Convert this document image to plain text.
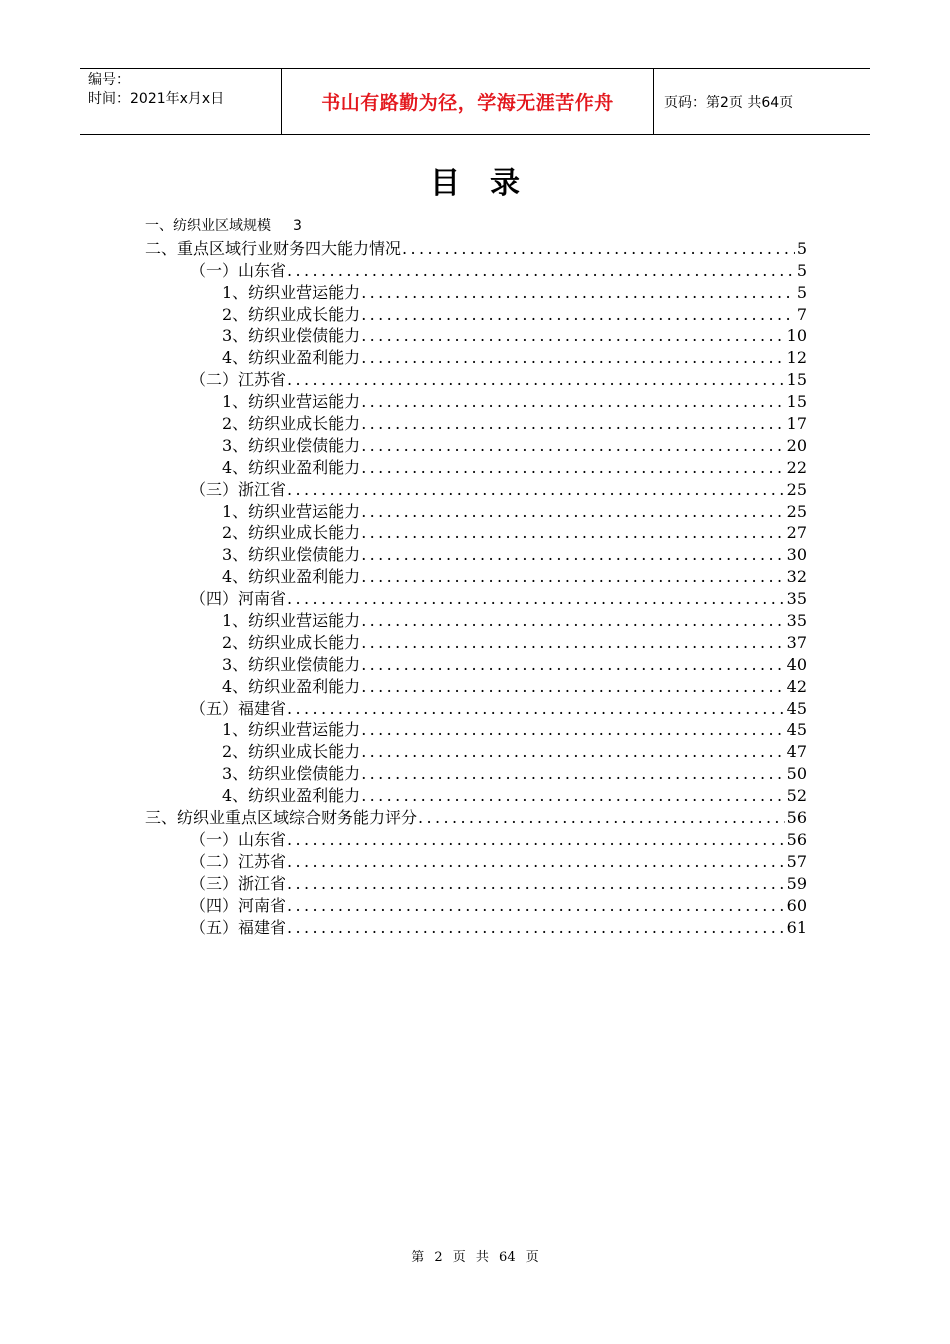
编号：
时间：2021年x月x日	书山有路勤为径，学海无涯苦作舟	页码：第2页 共64页
目录
一、纺织业区域规模	3
二、重点区域行业财务四大能力情况 .....	5
（一）山东省 .....	5
1、纺织业营运能力 .....	5
2、纺织业成长能力 .....	7
3、纺织业偿债能力 .....	10
4、纺织业盈利能力 .....	12
（二）江苏省 .....	15
1、纺织业营运能力 .....	15
2、纺织业成长能力 .....	17
3、纺织业偿债能力 .....	20
4、纺织业盈利能力 .....	22
（三）浙江省 .....	25
1、纺织业营运能力 .....	25
2、纺织业成长能力 .....	27
3、纺织业偿债能力 .....	30
4、纺织业盈利能力 .....	32
（四）河南省 .....	35
1、纺织业营运能力 .....	35
2、纺织业成长能力 .....	37
3、纺织业偿债能力 .....	40
4、纺织业盈利能力 .....	42
（五）福建省 .....	45
1、纺织业营运能力 .....	45
2、纺织业成长能力 .....	47
3、纺织业偿债能力 .....	50
4、纺织业盈利能力 .....	52
三、纺织业重点区域综合财务能力评分 .....	56
（一）山东省 .....	56
（二）江苏省 .....	57
（三）浙江省 .....	59
（四）河南省 .....	60
（五）福建省 .....	61
第 2 页 共 64 页
